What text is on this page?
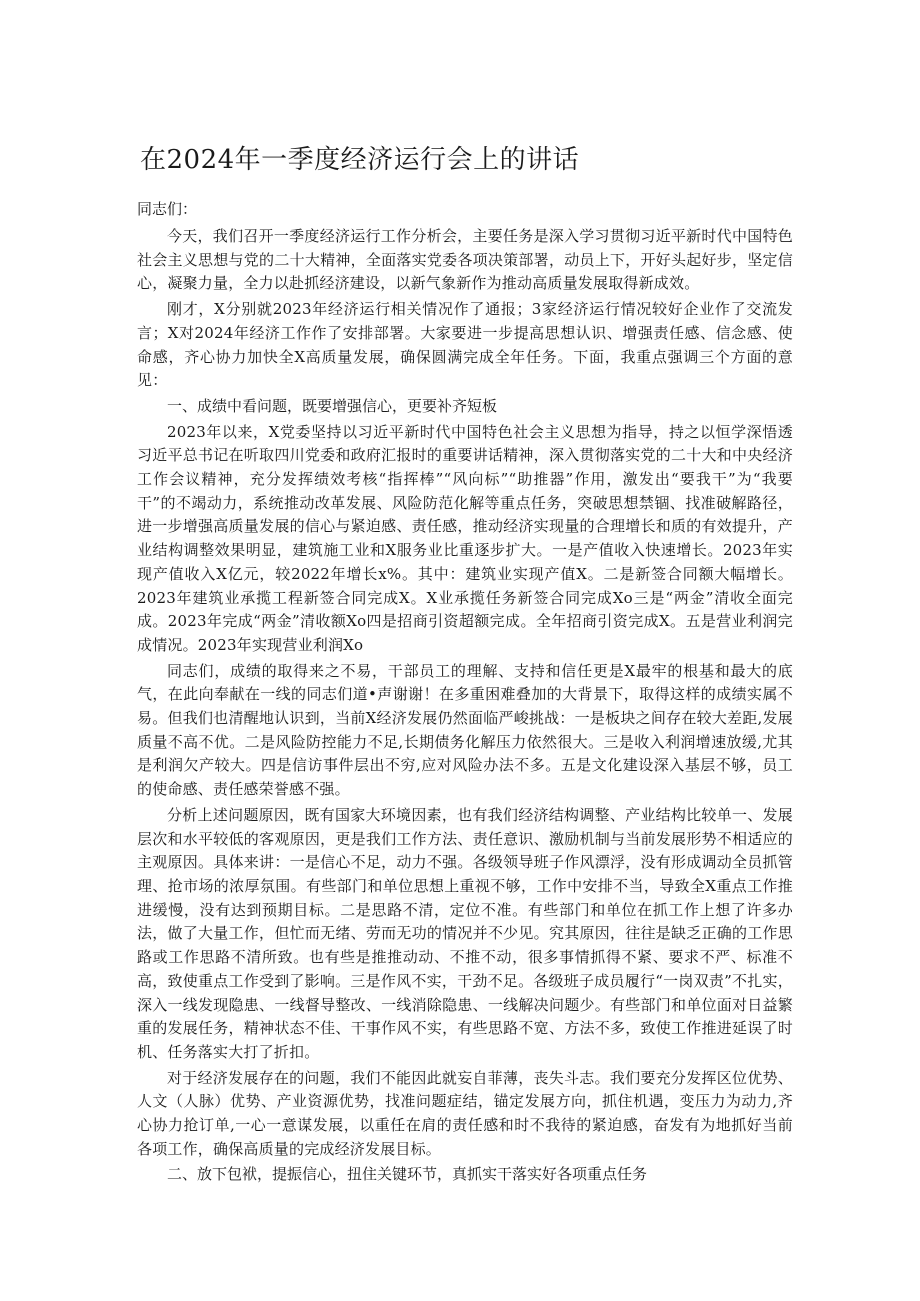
在2024年一季度经济运行会上的讲话

同志们：

今天，我们召开一季度经济运行工作分析会，主要任务是深入学习贯彻习近平新时代中国特色社会主义思想与党的二十大精神，全面落实党委各项决策部署，动员上下，开好头起好步，坚定信心，凝聚力量，全力以赴抓经济建设，以新气象新作为推动高质量发展取得新成效。

刚才，X分别就2023年经济运行相关情况作了通报；3家经济运行情况较好企业作了交流发言；X对2024年经济工作作了安排部署。大家要进一步提高思想认识、增强责任感、信念感、使命感，齐心协力加快全X高质量发展，确保圆满完成全年任务。下面，我重点强调三个方面的意见：

一、成绩中看问题，既要增强信心，更要补齐短板

2023年以来，X党委坚持以习近平新时代中国特色社会主义思想为指导，持之以恒学深悟透习近平总书记在听取四川党委和政府汇报时的重要讲话精神，深入贯彻落实党的二十大和中央经济工作会议精神，充分发挥绩效考核“指挥棒”“风向标”“助推器”作用，激发出“要我干”为“我要干”的不竭动力，系统推动改革发展、风险防范化解等重点任务，突破思想禁锢、找准破解路径，进一步增强高质量发展的信心与紧迫感、责任感，推动经济实现量的合理增长和质的有效提升，产业结构调整效果明显，建筑施工业和X服务业比重逐步扩大。一是产值收入快速增长。2023年实现产值收入X亿元，较2022年增长x%。其中：建筑业实现产值X。二是新签合同额大幅增长。2023年建筑业承揽工程新签合同完成X。X业承揽任务新签合同完成Xo三是“两金”清收全面完成。2023年完成“两金”清收额Xo四是招商引资超额完成。全年招商引资完成X。五是营业利润完成情况。2023年实现营业利润Xo

同志们，成绩的取得来之不易，干部员工的理解、支持和信任更是X最牢的根基和最大的底气，在此向奉献在一线的同志们道•声谢谢！在多重困难叠加的大背景下，取得这样的成绩实属不易。但我们也清醒地认识到，当前X经济发展仍然面临严峻挑战：一是板块之间存在较大差距,发展质量不高不优。二是风险防控能力不足,长期债务化解压力依然很大。三是收入利润增速放缓,尤其是利润欠产较大。四是信访事件层出不穷,应对风险办法不多。五是文化建设深入基层不够，员工的使命感、责任感荣誉感不强。

分析上述问题原因，既有国家大环境因素，也有我们经济结构调整、产业结构比较单一、发展层次和水平较低的客观原因，更是我们工作方法、责任意识、激励机制与当前发展形势不相适应的主观原因。具体来讲：一是信心不足，动力不强。各级领导班子作风漂浮，没有形成调动全员抓管理、抢市场的浓厚氛围。有些部门和单位思想上重视不够，工作中安排不当，导致全X重点工作推进缓慢，没有达到预期目标。二是思路不清，定位不准。有些部门和单位在抓工作上想了许多办法，做了大量工作，但忙而无绪、劳而无功的情况并不少见。究其原因，往往是缺乏正确的工作思路或工作思路不清所致。也有些是推推动动、不推不动，很多事情抓得不紧、要求不严、标准不高，致使重点工作受到了影响。三是作风不实，干劲不足。各级班子成员履行“一岗双责”不扎实，深入一线发现隐患、一线督导整改、一线消除隐患、一线解决问题少。有些部门和单位面对日益繁重的发展任务，精神状态不佳、干事作风不实，有些思路不宽、方法不多，致使工作推进延误了时机、任务落实大打了折扣。

对于经济发展存在的问题，我们不能因此就妄自菲薄，丧失斗志。我们要充分发挥区位优势、人文（人脉）优势、产业资源优势，找准问题症结，锚定发展方向，抓住机遇，变压力为动力,齐心协力抢订单,一心一意谋发展，以重任在肩的责任感和时不我待的紧迫感，奋发有为地抓好当前各项工作，确保高质量的完成经济发展目标。

二、放下包袱，提振信心，扭住关键环节，真抓实干落实好各项重点任务
